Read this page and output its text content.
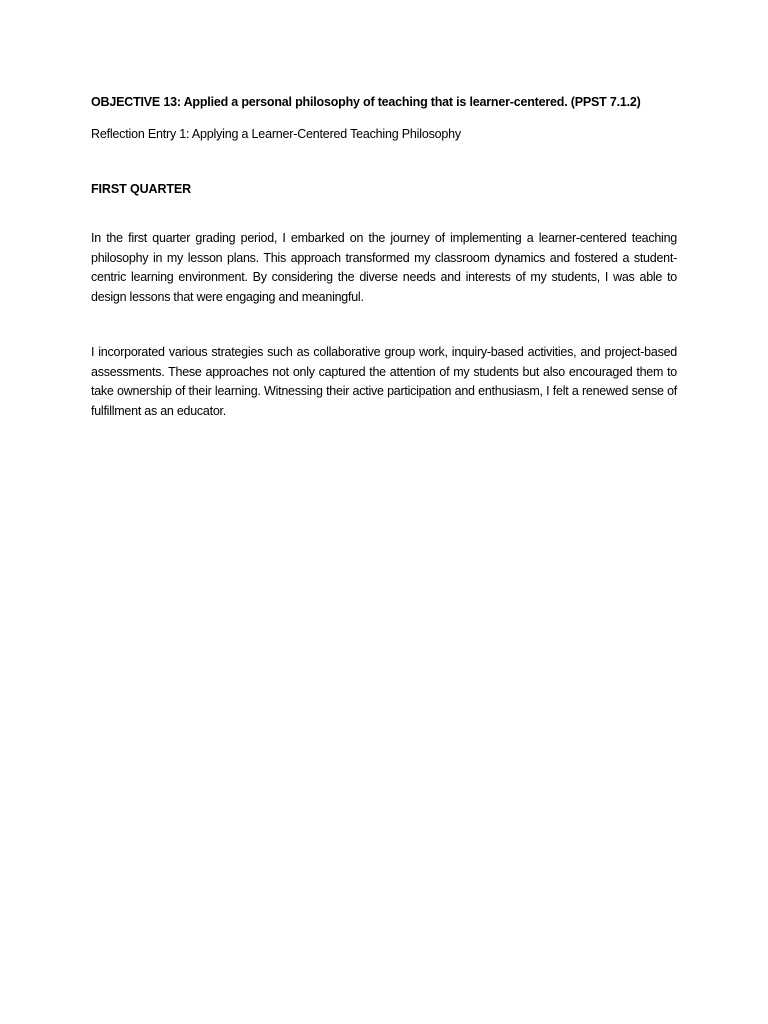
OBJECTIVE 13: Applied a personal philosophy of teaching that is learner-centered. (PPST 7.1.2)

Reflection Entry 1: Applying a Learner-Centered Teaching Philosophy

FIRST QUARTER

In the first quarter grading period, I embarked on the journey of implementing a learner-centered teaching philosophy in my lesson plans. This approach transformed my classroom dynamics and fostered a student-centric learning environment. By considering the diverse needs and interests of my students, I was able to design lessons that were engaging and meaningful.

I incorporated various strategies such as collaborative group work, inquiry-based activities, and project-based assessments. These approaches not only captured the attention of my students but also encouraged them to take ownership of their learning. Witnessing their active participation and enthusiasm, I felt a renewed sense of fulfillment as an educator.
